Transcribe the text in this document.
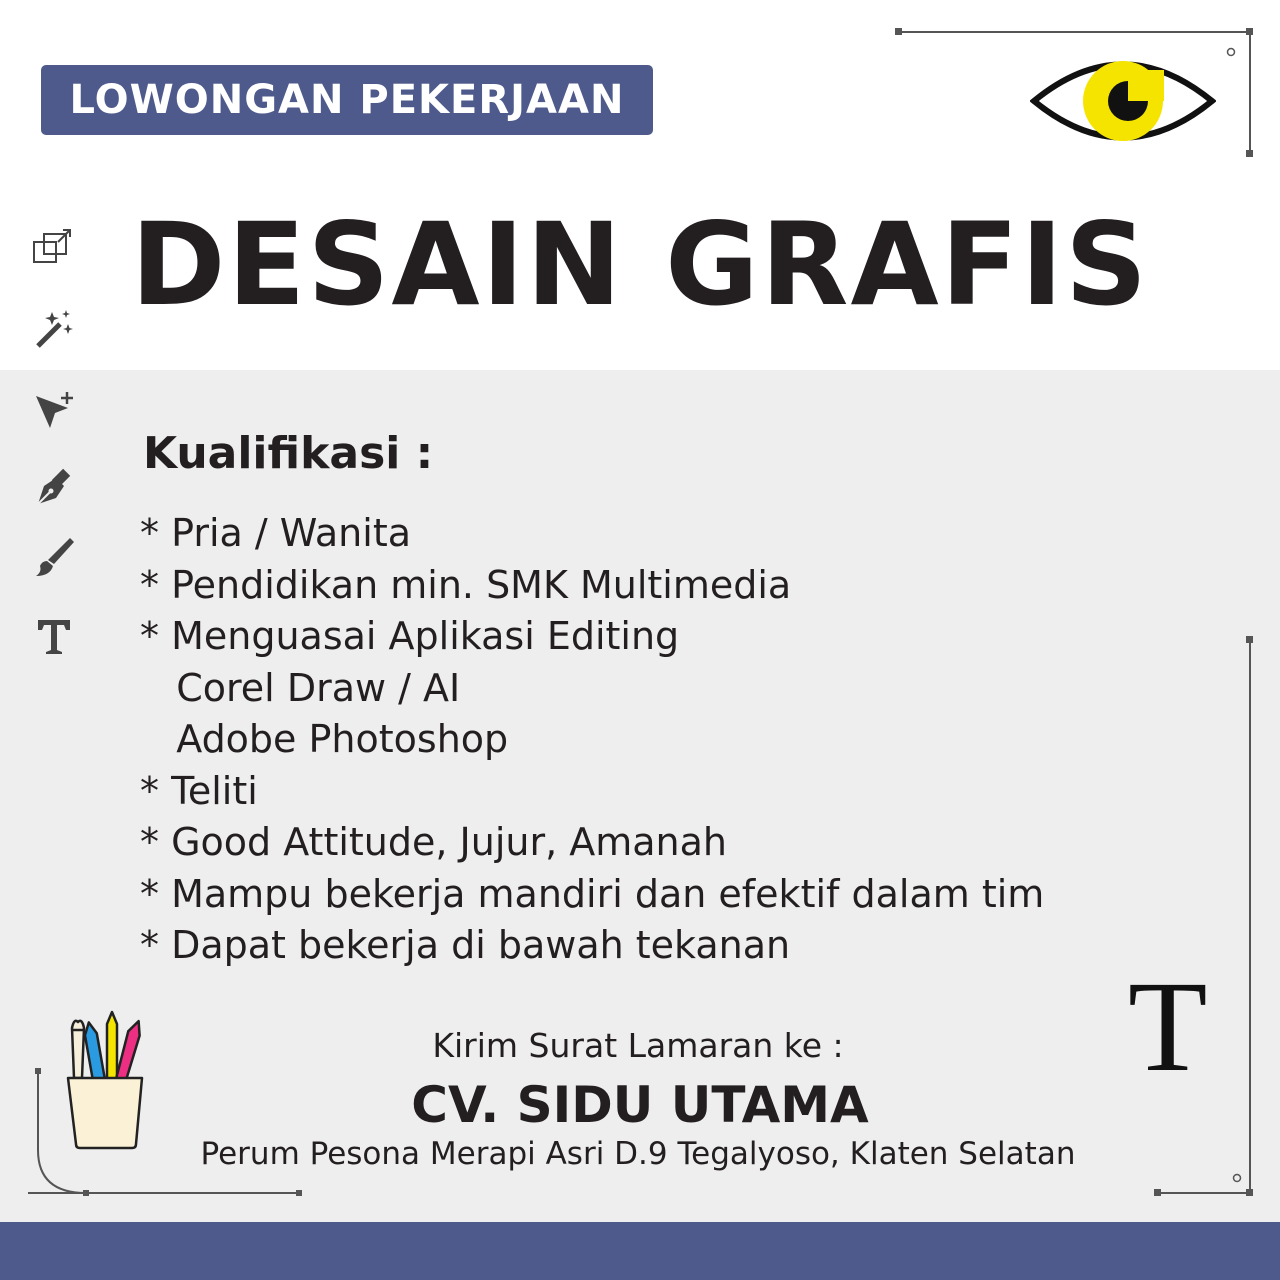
LOWONGAN PEKERJAAN
DESAIN GRAFIS
Kualifikasi :
* Pria / Wanita
* Pendidikan min. SMK Multimedia
* Menguasai Aplikasi Editing
Corel Draw / AI
Adobe Photoshop
* Teliti
* Good Attitude, Jujur, Amanah
* Mampu bekerja mandiri dan efektif dalam tim
* Dapat bekerja di bawah tekanan
T
Kirim Surat Lamaran ke :
CV. SIDU UTAMA
Perum Pesona Merapi Asri D.9 Tegalyoso, Klaten Selatan
